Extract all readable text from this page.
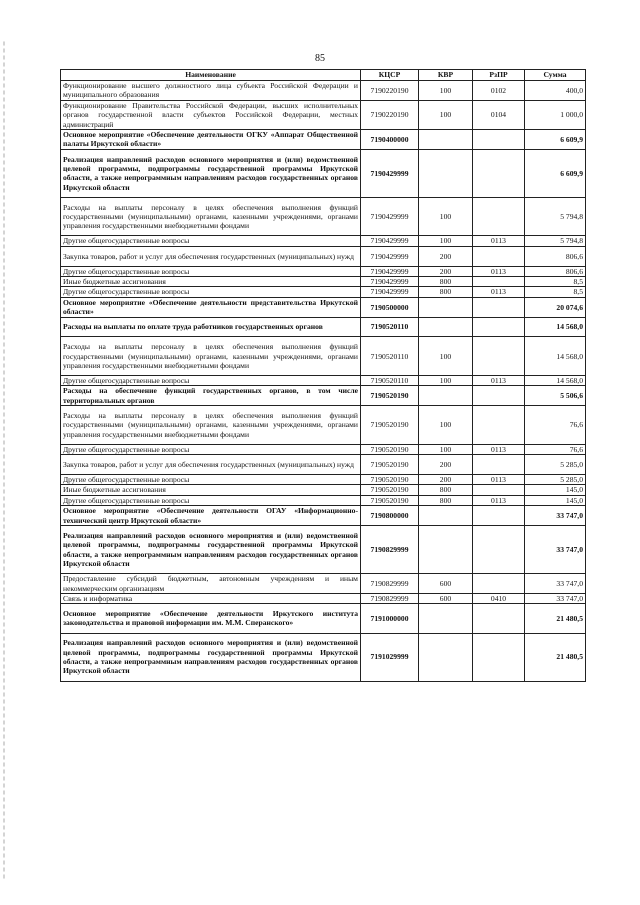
85
Наименование	КЦСР	КВР	РзПР	Сумма
Функционирование высшего должностного лица субъекта Российской Федерации и муниципального образования	7190220190	100	0102	400,0
Функционирование Правительства Российской Федерации, высших исполнительных органов государственной власти субъектов Российской Федерации, местных администраций	7190220190	100	0104	1 000,0
Основное мероприятие «Обеспечение деятельности ОГКУ «Аппарат Общественной палаты Иркутской области»	7190400000			6 609,9
Реализация направлений расходов основного мероприятия и (или) ведомственной целевой программы, подпрограммы государственной программы Иркутской области, а также непрограммным направлениям расходов государственных органов Иркутской области	7190429999			6 609,9
Расходы на выплаты персоналу в целях обеспечения выполнения функций государственными (муниципальными) органами, казенными учреждениями, органами управления государственными внебюджетными фондами	7190429999	100		5 794,8
Другие общегосударственные вопросы	7190429999	100	0113	5 794,8
Закупка товаров, работ и услуг для обеспечения государственных (муниципальных) нужд	7190429999	200		806,6
Другие общегосударственные вопросы	7190429999	200	0113	806,6
Иные бюджетные ассигнования	7190429999	800		8,5
Другие общегосударственные вопросы	7190429999	800	0113	8,5
Основное мероприятие «Обеспечение деятельности представительства Иркутской области»	7190500000			20 074,6
Расходы на выплаты по оплате труда работников государственных органов	7190520110			14 568,0
Расходы на выплаты персоналу в целях обеспечения выполнения функций государственными (муниципальными) органами, казенными учреждениями, органами управления государственными внебюджетными фондами	7190520110	100		14 568,0
Другие общегосударственные вопросы	7190520110	100	0113	14 568,0
Расходы на обеспечение функций государственных органов, в том числе территориальных органов	7190520190			5 506,6
Расходы на выплаты персоналу в целях обеспечения выполнения функций государственными (муниципальными) органами, казенными учреждениями, органами управления государственными внебюджетными фондами	7190520190	100		76,6
Другие общегосударственные вопросы	7190520190	100	0113	76,6
Закупка товаров, работ и услуг для обеспечения государственных (муниципальных) нужд	7190520190	200		5 285,0
Другие общегосударственные вопросы	7190520190	200	0113	5 285,0
Иные бюджетные ассигнования	7190520190	800		145,0
Другие общегосударственные вопросы	7190520190	800	0113	145,0
Основное мероприятие «Обеспечение деятельности ОГАУ «Информационно-технический центр Иркутской области»	7190800000			33 747,0
Реализация направлений расходов основного мероприятия и (или) ведомственной целевой программы, подпрограммы государственной программы Иркутской области, а также непрограммным направлениям расходов государственных органов Иркутской области	7190829999			33 747,0
Предоставление субсидий бюджетным, автономным учреждениям и иным некоммерческим организациям	7190829999	600		33 747,0
Связь и информатика	7190829999	600	0410	33 747,0
Основное мероприятие «Обеспечение деятельности Иркутского института законодательства и правовой информации им. М.М. Сперанского»	7191000000			21 480,5
Реализация направлений расходов основного мероприятия и (или) ведомственной целевой программы, подпрограммы государственной программы Иркутской области, а также непрограммным направлениям расходов государственных органов Иркутской области	7191029999			21 480,5
